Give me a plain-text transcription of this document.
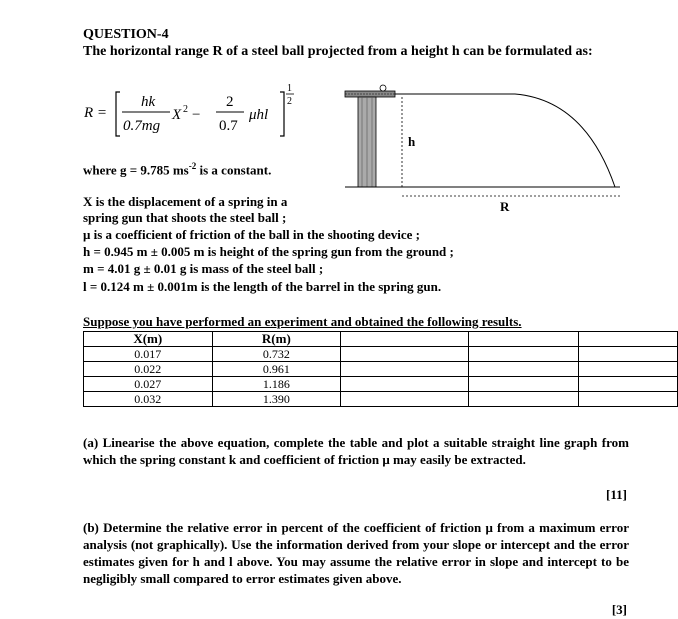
QUESTION-4
The horizontal range R of a steel ball projected from a height h can be formulated as:
R =
hk
0.7mg
X 2 −
2
0.7
μhl
1
2
h
R
where g = 9.785 $ms^{-2}$ is a constant.
X is the displacement of a spring in a
spring gun that shoots the steel ball ;
μ is a coefficient of friction of the ball in the shooting device ;
h = 0.945 m ± 0.005 m is height of the spring gun from the ground ;
m = 4.01 g ± 0.01 g is mass of the steel ball ;
l = 0.124 m ± 0.001m is the length of the barrel in the spring gun.
Suppose you have performed an experiment and obtained the following results.
X(m)	R(m)			
0.017	0.732			
0.022	0.961			
0.027	1.186			
0.032	1.390			
(a) Linearise the above equation, complete the table and plot a suitable straight line graph from which the spring constant k and coefficient of friction μ may easily be extracted.
[11]
(b) Determine the relative error in percent of the coefficient of friction μ from a maximum error analysis (not graphically). Use the information derived from your slope or intercept and the error estimates given for h and l above. You may assume the relative error in slope and intercept to be negligibly small compared to error estimates given above.
[3]
